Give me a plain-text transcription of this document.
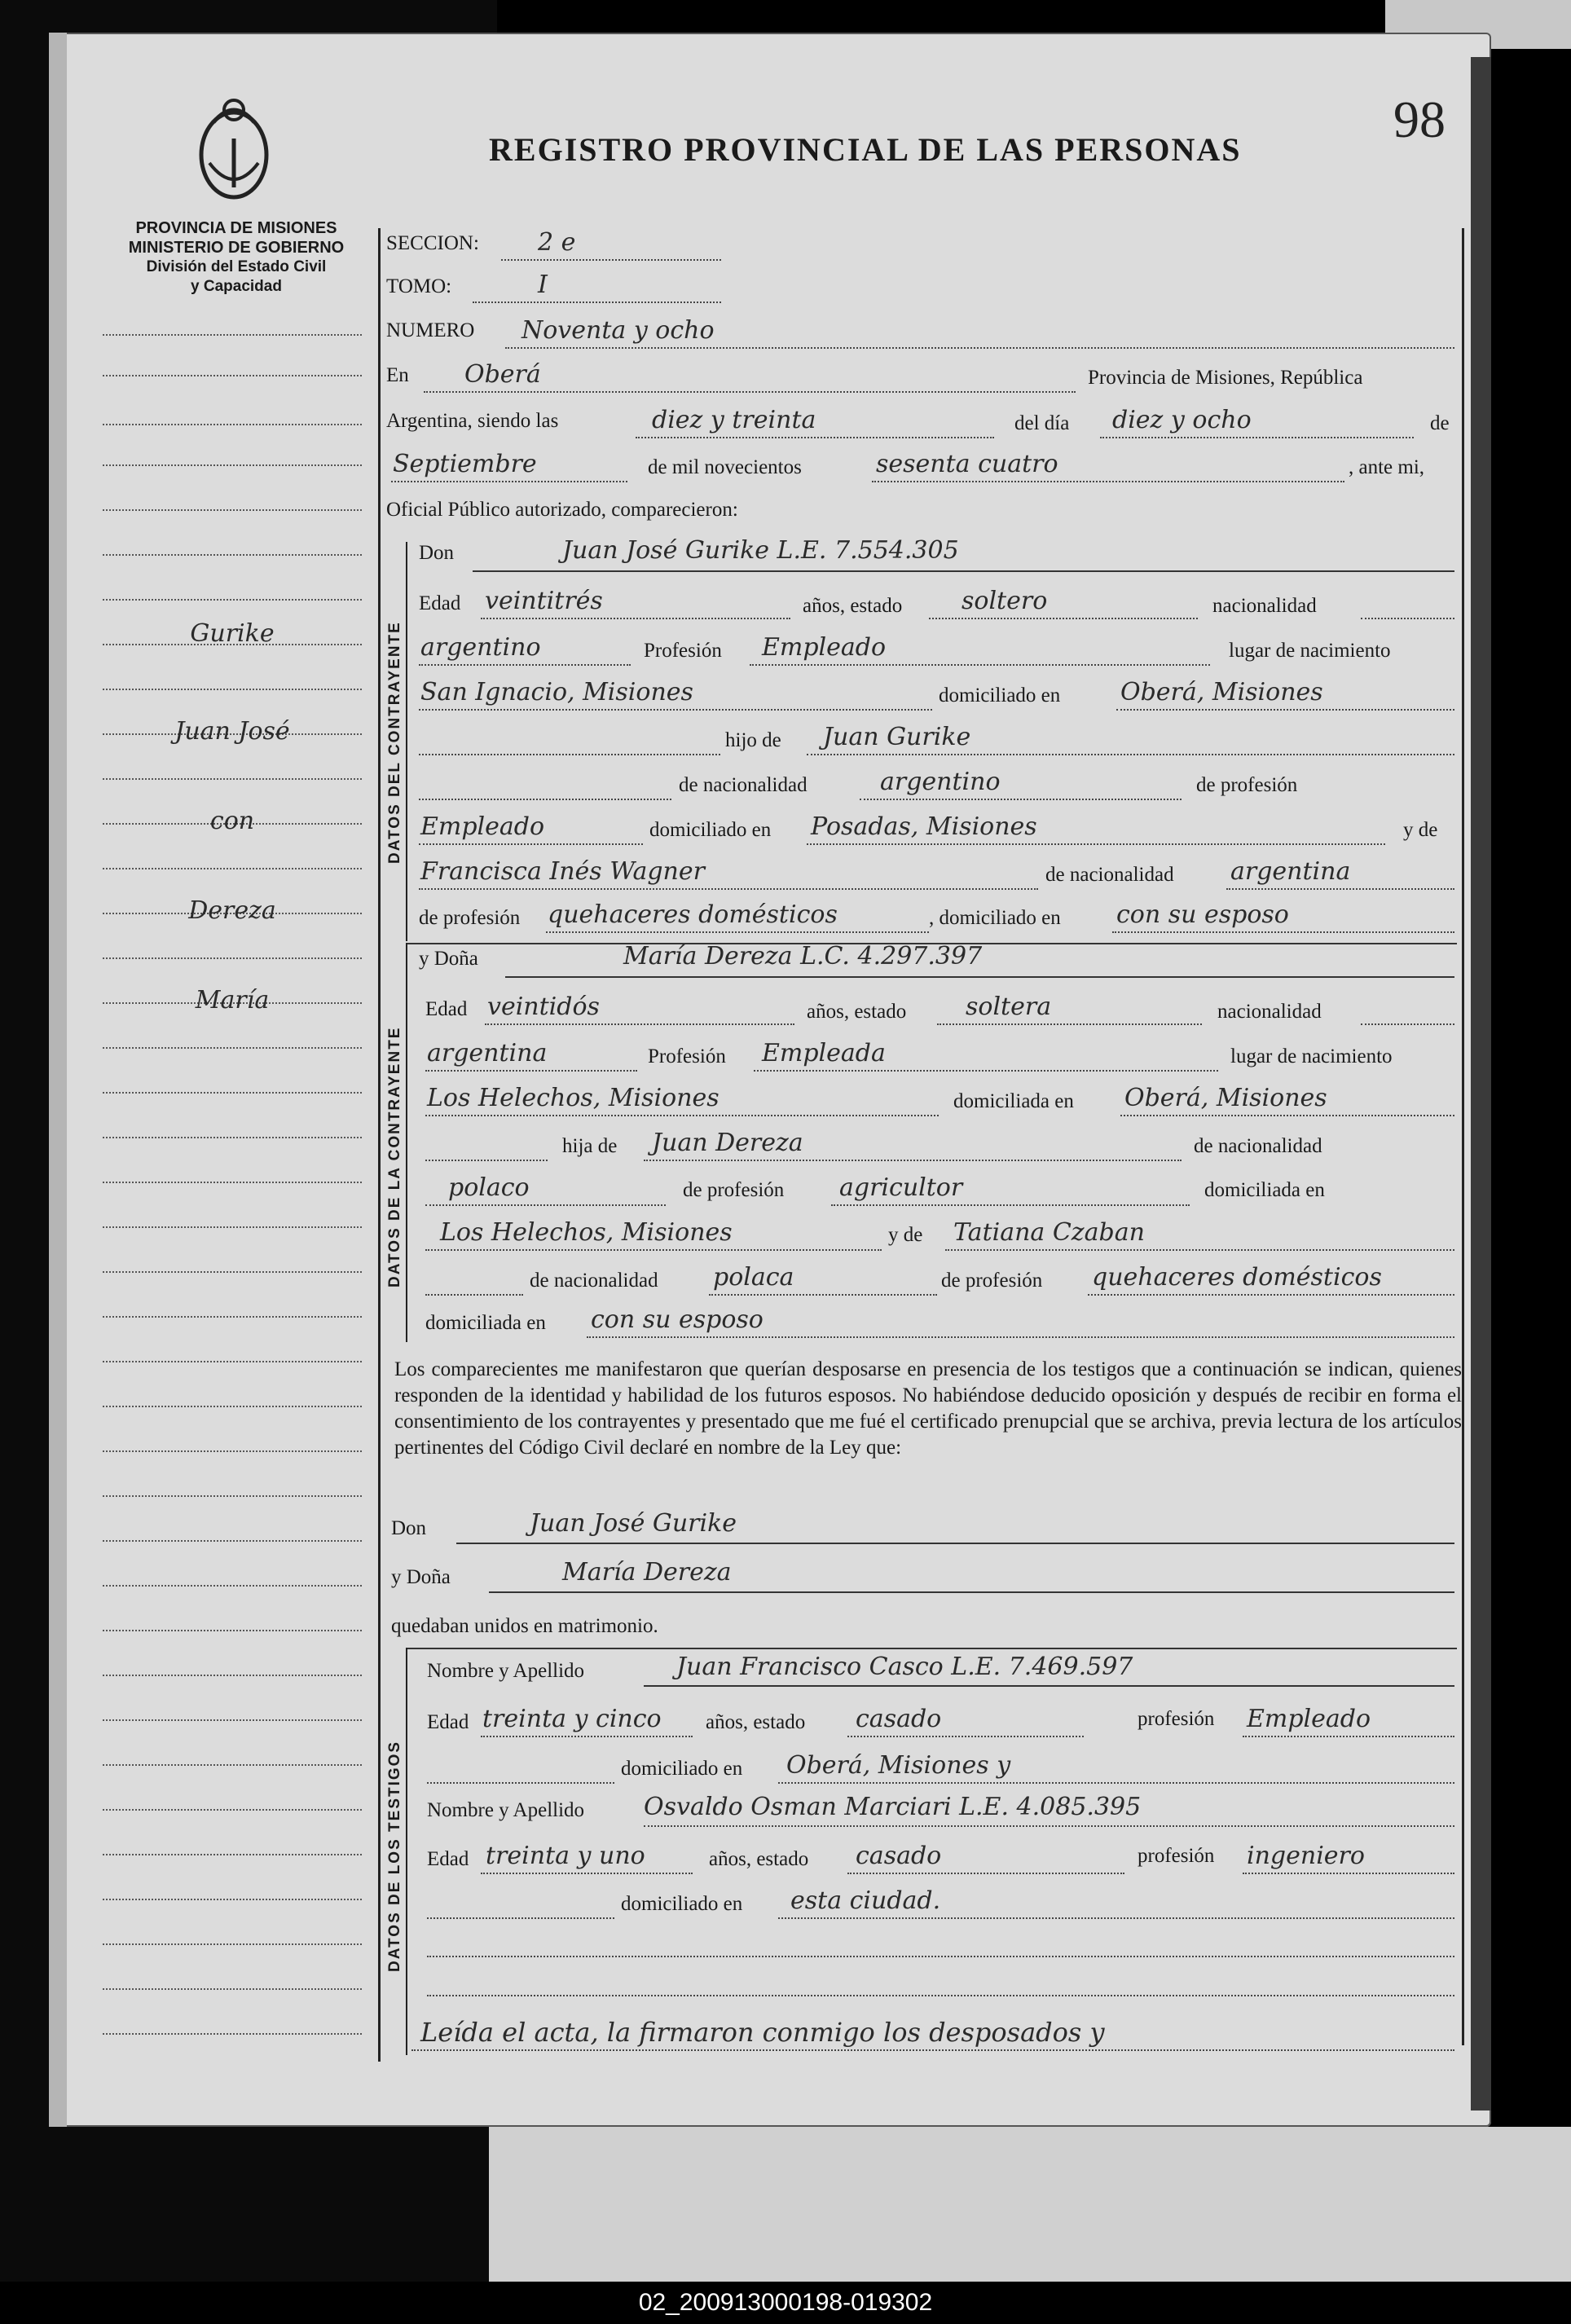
98
PROVINCIA DE MISIONES
MINISTERIO DE GOBIERNO
División del Estado Civil
y Capacidad
REGISTRO PROVINCIAL DE LAS PERSONAS
Gurike
Juan José
con
Dereza
María
SECCION: 2 e
TOMO:	I
NUMERO Noventa y ocho
En Oberá	Provincia de Misiones, República
Argentina, siendo las	diez y treinta	del día diez y ocho	de
Septiembre	de mil novecientos	sesenta cuatro	, ante mi,
Oficial Público autorizado, comparecieron:
DATOS DEL CONTRAYENTE
Don	Juan José Gurike L.E. 7.554.305
Edad veintitrés	años, estado soltero	nacionalidad
argentino	Profesión Empleado	lugar de nacimiento
San Ignacio, Misiones	domiciliado en Oberá, Misiones
hijo de Juan Gurike
de nacionalidad	argentino	de profesión
Empleado	domiciliado en Posadas, Misiones	y de
Francisca Inés Wagner	de nacionalidad argentina
de profesión quehaceres domésticos	, domiciliado en con su esposo
DATOS DE LA CONTRAYENTE
y Doña	María Dereza L.C. 4.297.397
Edad veintidós	años, estado soltera	nacionalidad
argentina	Profesión Empleada	lugar de nacimiento
Los Helechos, Misiones	domiciliada en Oberá, Misiones
hija de Juan Dereza	de nacionalidad
polaco	de profesión agricultor	domiciliada en
Los Helechos, Misiones	y de Tatiana Czaban
de nacionalidad polaca	de profesión quehaceres domésticos
domiciliada en con su esposo
Los comparecientes me manifestaron que querían desposarse en presencia de los testigos que a continuación se indican, quienes responden de la identidad y habilidad de los futuros esposos. No habiéndose deducido oposición y después de recibir en forma el consentimiento de los contrayentes y presentado que me fué el certificado prenupcial que se archiva, previa lectura de los artículos pertinentes del Código Civil declaré en nombre de la Ley que:
Don	Juan José Gurike
y Doña	María Dereza
quedaban unidos en matrimonio.
DATOS DE LOS TESTIGOS
Nombre y Apellido	Juan Francisco Casco L.E. 7.469.597
Edad treinta y cinco años, estado casado	profesión Empleado
domiciliado en Oberá, Misiones y
Nombre y Apellido Osvaldo Osman Marciari L.E. 4.085.395
Edad treinta y uno	años, estado casado	profesión ingeniero
domiciliado en esta ciudad.
Leída el acta, la firmaron conmigo los desposados y
02_200913000198-019302
